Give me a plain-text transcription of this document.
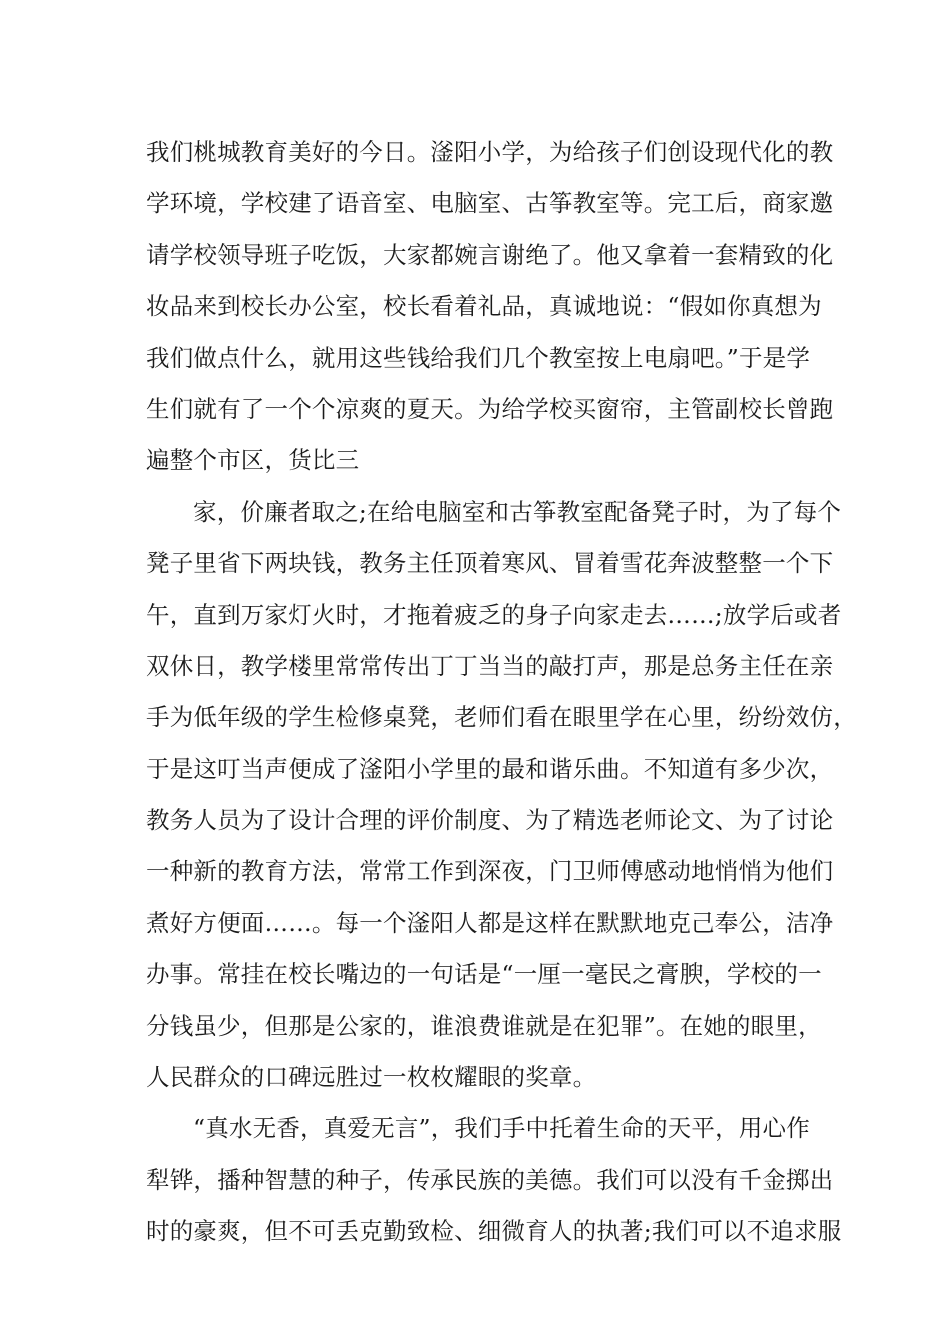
我们桃城教育美好的今日。滏阳小学，为给孩子们创设现代化的教
学环境，学校建了语音室、电脑室、古筝教室等。完工后，商家邀
请学校领导班子吃饭，大家都婉言谢绝了。他又拿着一套精致的化
妆品来到校长办公室，校长看着礼品，真诚地说：“假如你真想为
我们做点什么，就用这些钱给我们几个教室按上电扇吧。”于是学
生们就有了一个个凉爽的夏天。为给学校买窗帘，主管副校长曾跑
遍整个市区，货比三
家，价廉者取之;在给电脑室和古筝教室配备凳子时，为了每个
凳子里省下两块钱，教务主任顶着寒风、冒着雪花奔波整整一个下
午，直到万家灯火时，才拖着疲乏的身子向家走去……;放学后或者
双休日，教学楼里常常传出丁丁当当的敲打声，那是总务主任在亲
手为低年级的学生检修桌凳，老师们看在眼里学在心里，纷纷效仿，
于是这叮当声便成了滏阳小学里的最和谐乐曲。不知道有多少次，
教务人员为了设计合理的评价制度、为了精选老师论文、为了讨论
一种新的教育方法，常常工作到深夜，门卫师傅感动地悄悄为他们
煮好方便面……。每一个滏阳人都是这样在默默地克己奉公，洁净
办事。常挂在校长嘴边的一句话是“一厘一毫民之膏腴，学校的一
分钱虽少，但那是公家的，谁浪费谁就是在犯罪”。在她的眼里，
人民群众的口碑远胜过一枚枚耀眼的奖章。
“真水无香，真爱无言”，我们手中托着生命的天平，用心作
犁铧，播种智慧的种子，传承民族的美德。我们可以没有千金掷出
时的豪爽，但不可丢克勤致检、细微育人的执著;我们可以不追求服
